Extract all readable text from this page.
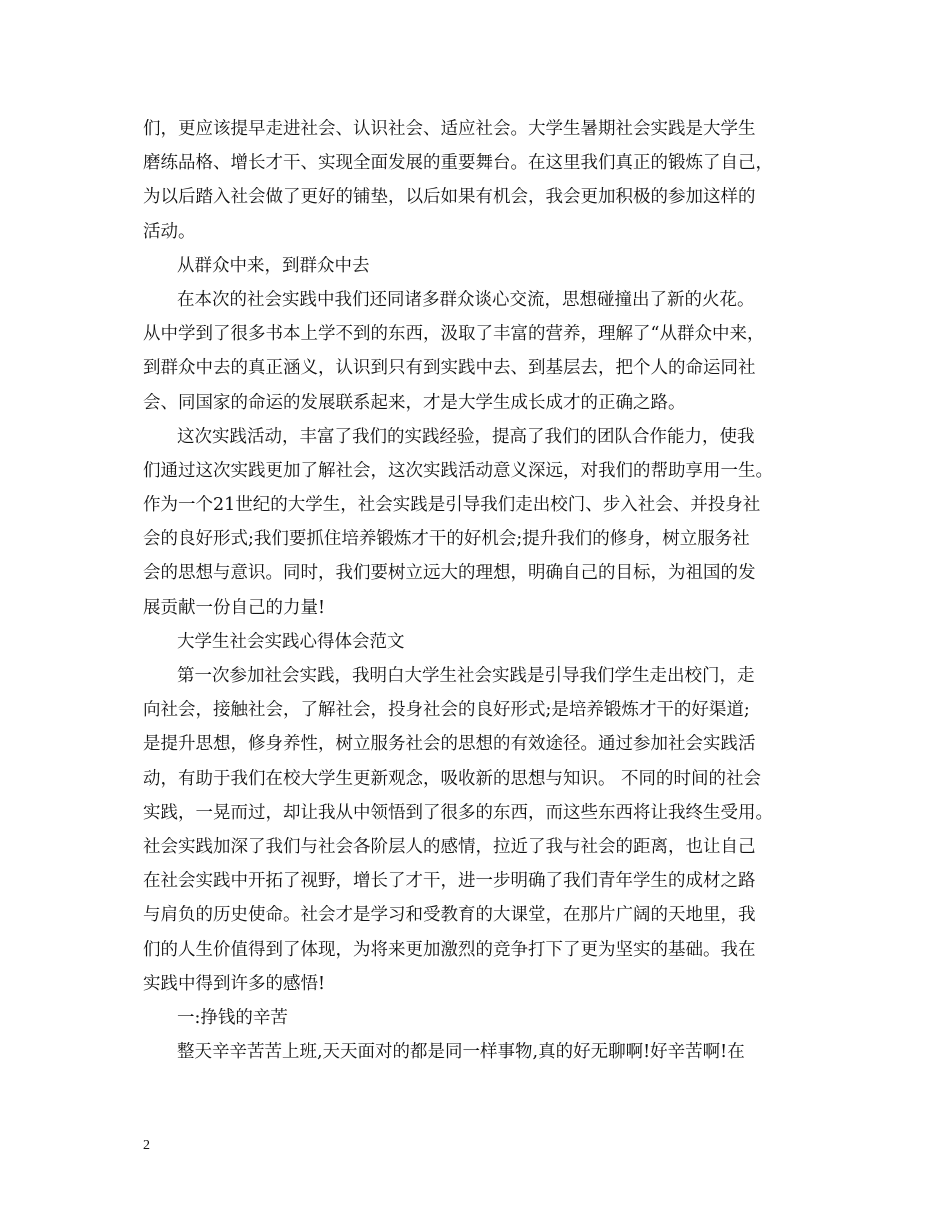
们，更应该提早走进社会、认识社会、适应社会。大学生暑期社会实践是大学生
磨练品格、增长才干、实现全面发展的重要舞台。在这里我们真正的锻炼了自己，
为以后踏入社会做了更好的铺垫，以后如果有机会，我会更加积极的参加这样的
活动。
从群众中来，到群众中去
在本次的社会实践中我们还同诸多群众谈心交流，思想碰撞出了新的火花。
从中学到了很多书本上学不到的东西，汲取了丰富的营养，理解了“从群众中来，
到群众中去的真正涵义，认识到只有到实践中去、到基层去，把个人的命运同社
会、同国家的命运的发展联系起来，才是大学生成长成才的正确之路。
这次实践活动，丰富了我们的实践经验，提高了我们的团队合作能力，使我
们通过这次实践更加了解社会，这次实践活动意义深远，对我们的帮助享用一生。
作为一个21世纪的大学生，社会实践是引导我们走出校门、步入社会、并投身社
会的良好形式;我们要抓住培养锻炼才干的好机会;提升我们的修身，树立服务社
会的思想与意识。同时，我们要树立远大的理想，明确自己的目标，为祖国的发
展贡献一份自己的力量!
大学生社会实践心得体会范文
第一次参加社会实践，我明白大学生社会实践是引导我们学生走出校门，走
向社会，接触社会，了解社会，投身社会的良好形式;是培养锻炼才干的好渠道;
是提升思想，修身养性，树立服务社会的思想的有效途径。通过参加社会实践活
动，有助于我们在校大学生更新观念，吸收新的思想与知识。 不同的时间的社会
实践，一晃而过，却让我从中领悟到了很多的东西，而这些东西将让我终生受用。
社会实践加深了我们与社会各阶层人的感情，拉近了我与社会的距离，也让自己
在社会实践中开拓了视野，增长了才干，进一步明确了我们青年学生的成材之路
与肩负的历史使命。社会才是学习和受教育的大课堂，在那片广阔的天地里，我
们的人生价值得到了体现，为将来更加激烈的竞争打下了更为坚实的基础。我在
实践中得到许多的感悟!
一:挣钱的辛苦
整天辛辛苦苦上班,天天面对的都是同一样事物,真的好无聊啊!好辛苦啊!在
2
